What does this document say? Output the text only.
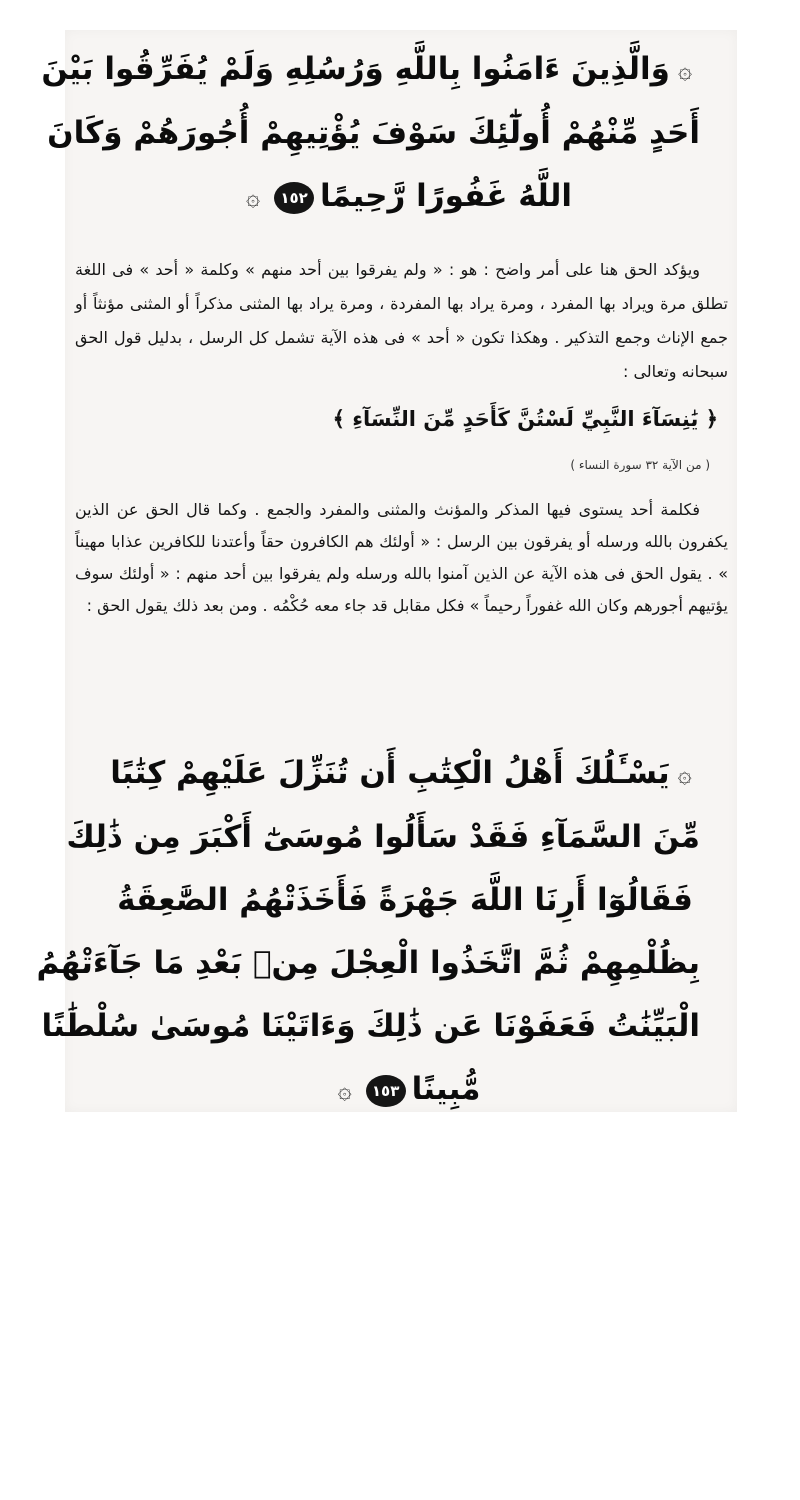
۞وَالَّذِينَ ءَامَنُوا بِاللَّهِ وَرُسُلِهِ وَلَمْ يُفَرِّقُوا بَيْنَ
أَحَدٍ مِّنْهُمْ أُولَٰٓئِكَ سَوْفَ يُؤْتِيهِمْ أُجُورَهُمْ وَكَانَ
اللَّهُ غَفُورًا رَّحِيمًا١٥٢۞

ويؤكد الحق هنا على أمر واضح : هو : « ولم يفرقوا بين أحد منهم » وكلمة « أحد » فى اللغة تطلق مرة ويراد بها المفرد ، ومرة يراد بها المفردة ، ومرة يراد بها المثنى مذكراً أو المثنى مؤنثاً أو جمع الإناث وجمع التذكير . وهكذا تكون « أحد » فى هذه الآية تشمل كل الرسل ، بدليل قول الحق سبحانه وتعالى :

﴿ يَٰنِسَآءَ النَّبِيِّ لَسْتُنَّ كَأَحَدٍ مِّنَ النِّسَآءِ ﴾
( من الآية ٣٢ سورة النساء )

فكلمة أحد يستوى فيها المذكر والمؤنث والمثنى والمفرد والجمع . وكما قال الحق عن الذين يكفرون بالله ورسله أو يفرقون بين الرسل : « أولئك هم الكافرون حقاً وأعتدنا للكافرين عذابا مهيناً » . يقول الحق فى هذه الآية عن الذين آمنوا بالله ورسله ولم يفرقوا بين أحد منهم : « أولئك سوف يؤتيهم أجورهم وكان الله غفوراً رحيماً » فكل مقابل قد جاء معه حُكْمُه . ومن بعد ذلك يقول الحق :

۞يَسْـَٔلُكَ أَهْلُ الْكِتَٰبِ أَن تُنَزِّلَ عَلَيْهِمْ كِتَٰبًا
مِّنَ السَّمَآءِ فَقَدْ سَأَلُوا مُوسَىٰٓ أَكْبَرَ مِن ذَٰلِكَ
فَقَالُوٓا أَرِنَا اللَّهَ جَهْرَةً فَأَخَذَتْهُمُ الصَّٰعِقَةُ
بِظُلْمِهِمْ ثُمَّ اتَّخَذُوا الْعِجْلَ مِنۢ بَعْدِ مَا جَآءَتْهُمُ
الْبَيِّنَٰتُ فَعَفَوْنَا عَن ذَٰلِكَ وَءَاتَيْنَا مُوسَىٰ سُلْطَٰنًا
مُّبِينًا١٥٣۞
